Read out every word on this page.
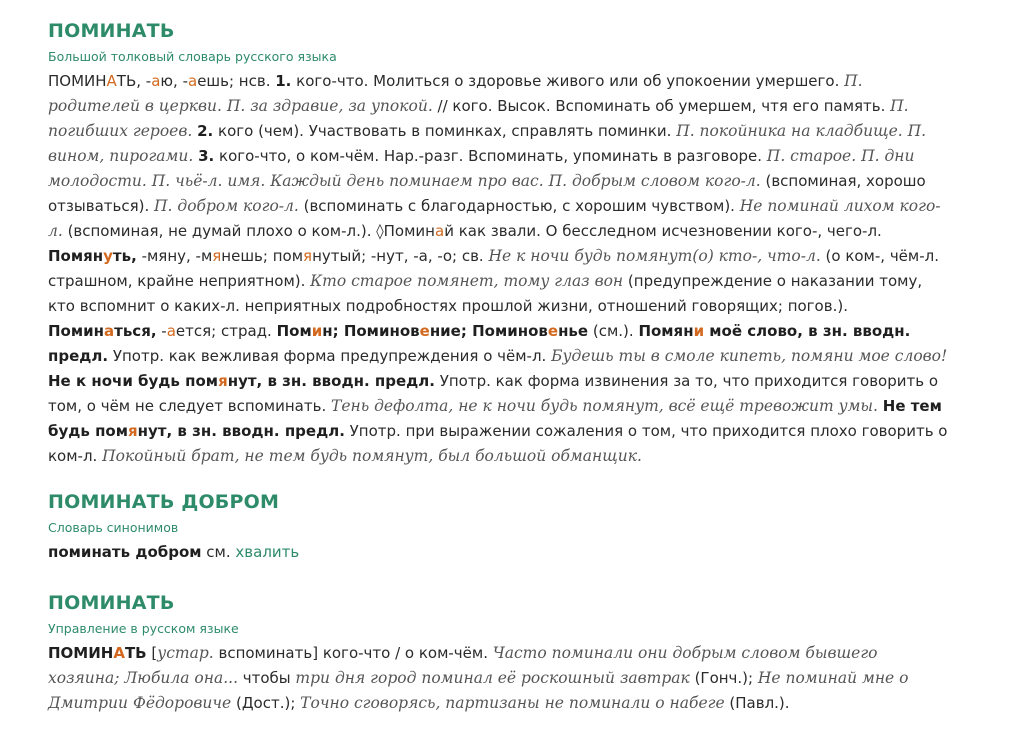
ПОМИНАТЬ
Большой толковый словарь русского языка

ПОМИНАТЬ, -аю, -аешь; нсв. 1. кого-что. Молиться о здоровье живого или об упокоении умершего. П. родителей в церкви. П. за здравие, за упокой. // кого. Высок. Вспоминать об умершем, чтя его память. П. погибших героев. 2. кого (чем). Участвовать в поминках, справлять поминки. П. покойника на кладбище. П. вином, пирогами. 3. кого-что, о ком-чём. Нар.-разг. Вспоминать, упоминать в разговоре. П. старое. П. дни молодости. П. чьё-л. имя. Каждый день поминаем про вас. П. добрым словом кого-л. (вспоминая, хорошо отзываться). П. добром кого-л. (вспоминать с благодарностью, с хорошим чувством). Не поминай лихом кого-л. (вспоминая, не думай плохо о ком-л.). ◊Поминай как звали. О бесследном исчезновении кого-, чего-л. Помянуть, -мяну, -мянешь; помянутый; -нут, -а, -о; св. Не к ночи будь помянут(о) кто-, что-л. (о ком-, чём-л. страшном, крайне неприятном). Кто старое помянет, тому глаз вон (предупреждение о наказании тому, кто вспомнит о каких-л. неприятных подробностях прошлой жизни, отношений говорящих; погов.). Поминаться, -ается; страд. Помин; Поминовение; Поминовенье (см.). Помяни моё слово, в зн. вводн. предл. Употр. как вежливая форма предупреждения о чём-л. Будешь ты в смоле кипеть, помяни мое слово! Не к ночи будь помянут, в зн. вводн. предл. Употр. как форма извинения за то, что приходится говорить о том, о чём не следует вспоминать. Тень дефолта, не к ночи будь помянут, всё ещё тревожит умы. Не тем будь помянут, в зн. вводн. предл. Употр. при выражении сожаления о том, что приходится плохо говорить о ком-л. Покойный брат, не тем будь помянут, был большой обманщик.

ПОМИНАТЬ ДОБРОМ
Словарь синонимов

поминать добром см. хвалить

ПОМИНАТЬ
Управление в русском языке

ПОМИНАТЬ [устар. вспоминать] кого-что / о ком-чём. Часто поминали они добрым словом бывшего хозяина; Любила она... чтобы три дня город поминал её роскошный завтрак (Гонч.); Не поминай мне о Дмитрии Фёдоровиче (Дост.); Точно сговорясь, партизаны не поминали о набеге (Павл.).
